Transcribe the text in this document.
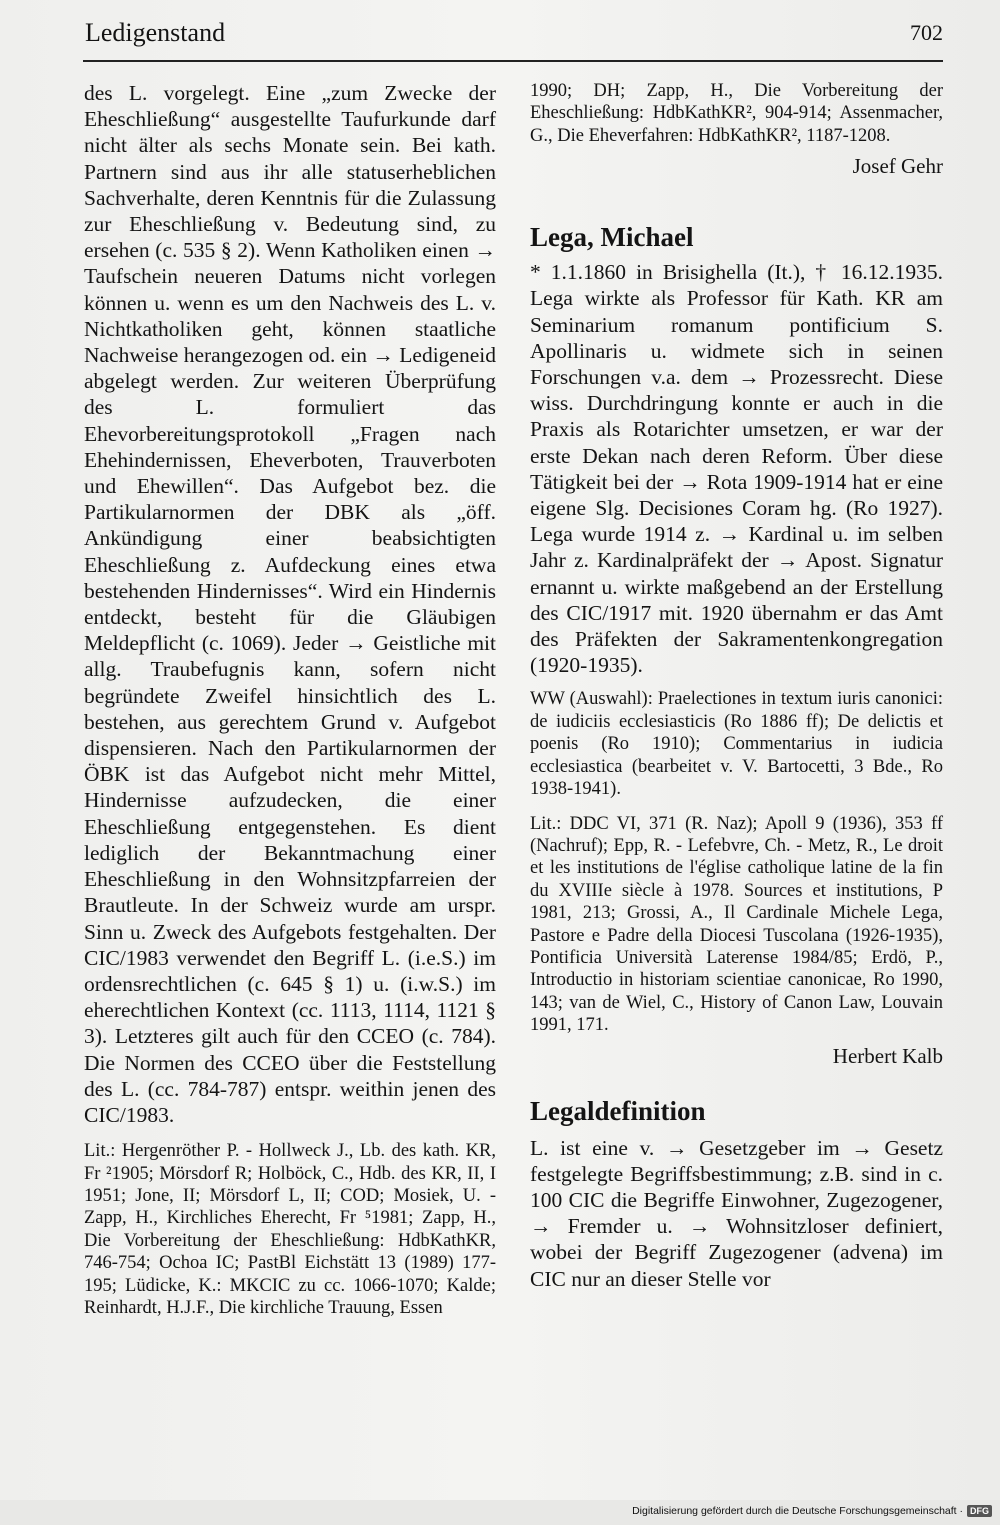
Ledigenstand	702

des L. vorgelegt. Eine „zum Zwecke der Eheschließung“ ausgestellte Taufurkunde darf nicht älter als sechs Monate sein. Bei kath. Partnern sind aus ihr alle statuserheblichen Sachverhalte, deren Kenntnis für die Zulassung zur Eheschließung v. Bedeutung sind, zu ersehen (c. 535 § 2). Wenn Katholiken einen → Taufschein neueren Datums nicht vorlegen können u. wenn es um den Nachweis des L. v. Nichtkatholiken geht, können staatliche Nachweise herangezogen od. ein → Ledigeneid abgelegt werden. Zur weiteren Überprüfung des L. formuliert das Ehevorbereitungsprotokoll „Fragen nach Ehehindernissen, Eheverboten, Trauverboten und Ehewillen“. Das Aufgebot bez. die Partikularnormen der DBK als „öff. Ankündigung einer beabsichtigten Eheschließung z. Aufdeckung eines etwa bestehenden Hindernisses“. Wird ein Hindernis entdeckt, besteht für die Gläubigen Meldepflicht (c. 1069). Jeder → Geistliche mit allg. Traubefugnis kann, sofern nicht begründete Zweifel hinsichtlich des L. bestehen, aus gerechtem Grund v. Aufgebot dispensieren. Nach den Partikularnormen der ÖBK ist das Aufgebot nicht mehr Mittel, Hindernisse aufzudecken, die einer Eheschließung entgegenstehen. Es dient lediglich der Bekanntmachung einer Eheschließung in den Wohnsitzpfarreien der Brautleute. In der Schweiz wurde am urspr. Sinn u. Zweck des Aufgebots festgehalten. Der CIC/1983 verwendet den Begriff L. (i.e.S.) im ordensrechtlichen (c. 645 § 1) u. (i.w.S.) im eherechtlichen Kontext (cc. 1113, 1114, 1121 § 3). Letzteres gilt auch für den CCEO (c. 784). Die Normen des CCEO über die Feststellung des L. (cc. 784-787) entspr. weithin jenen des CIC/1983.

Lit.: Hergenröther P. - Hollweck J., Lb. des kath. KR, Fr ²1905; Mörsdorf R; Holböck, C., Hdb. des KR, II, I 1951; Jone, II; Mörsdorf L, II; COD; Mosiek, U. - Zapp, H., Kirchliches Eherecht, Fr ⁵1981; Zapp, H., Die Vorbereitung der Eheschließung: HdbKathKR, 746-754; Ochoa IC; PastBl Eichstätt 13 (1989) 177-195; Lüdicke, K.: MKCIC zu cc. 1066-1070; Kalde; Reinhardt, H.J.F., Die kirchliche Trauung, Essen

1990; DH; Zapp, H., Die Vorbereitung der Eheschließung: HdbKathKR², 904-914; Assenmacher, G., Die Eheverfahren: HdbKathKR², 1187-1208.

Josef Gehr

Lega, Michael

* 1.1.1860 in Brisighella (It.), † 16.12.1935. Lega wirkte als Professor für Kath. KR am Seminarium romanum pontificium S. Apollinaris u. widmete sich in seinen Forschungen v.a. dem → Prozessrecht. Diese wiss. Durchdringung konnte er auch in die Praxis als Rotarichter umsetzen, er war der erste Dekan nach deren Reform. Über diese Tätigkeit bei der → Rota 1909-1914 hat er eine eigene Slg. Decisiones Coram hg. (Ro 1927). Lega wurde 1914 z. → Kardinal u. im selben Jahr z. Kardinalpräfekt der → Apost. Signatur ernannt u. wirkte maßgebend an der Erstellung des CIC/1917 mit. 1920 übernahm er das Amt des Präfekten der Sakramentenkongregation (1920-1935).

WW (Auswahl): Praelectiones in textum iuris canonici: de iudiciis ecclesiasticis (Ro 1886 ff); De delictis et poenis (Ro 1910); Commentarius in iudicia ecclesiastica (bearbeitet v. V. Bartocetti, 3 Bde., Ro 1938-1941).

Lit.: DDC VI, 371 (R. Naz); Apoll 9 (1936), 353 ff (Nachruf); Epp, R. - Lefebvre, Ch. - Metz, R., Le droit et les institutions de l'église catholique latine de la fin du XVIIIe siècle à 1978. Sources et institutions, P 1981, 213; Grossi, A., Il Cardinale Michele Lega, Pastore e Padre della Diocesi Tuscolana (1926-1935), Pontificia Università Laterense 1984/85; Erdö, P., Introductio in historiam scientiae canonicae, Ro 1990, 143; van de Wiel, C., History of Canon Law, Louvain 1991, 171.

Herbert Kalb

Legaldefinition

L. ist eine v. → Gesetzgeber im → Gesetz festgelegte Begriffsbestimmung; z.B. sind in c. 100 CIC die Begriffe Einwohner, Zugezogener, → Fremder u. → Wohnsitzloser definiert, wobei der Begriff Zugezogener (advena) im CIC nur an dieser Stelle vor

Digitalisierung gefördert durch die Deutsche Forschungsgemeinschaft · DFG
